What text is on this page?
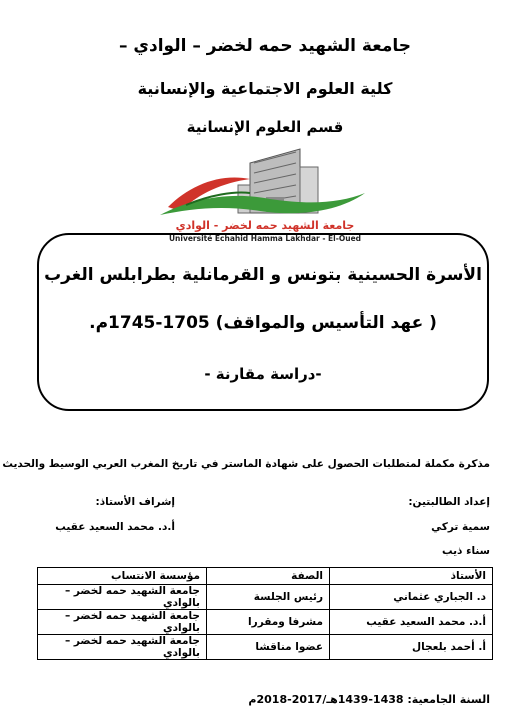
جامعة الشهيد حمه لخضر – الوادي –
كلية العلوم الاجتماعية والإنسانية
قسم العلوم الإنسانية
جامعة الشهيد حمه لخضر - الوادي
Université Echahid Hamma Lakhdar - El-Oued
الأسرة الحسينية بتونس و القرمانلية بطرابلس الغرب
( عهد التأسيس والمواقف) 1705-1745م.
-دراسة مقارنة -
مذكرة مكملة لمتطلبات الحصول على شهادة الماستر في تاريخ المغرب العربي الوسيط والحديث
إعداد الطالبتين:
إشراف الأستاذ:
سمية تركي
أ.د. محمد السعيد عقيب
سناء ذيب
الأستاذ	الصفة	مؤسسة الانتساب
د. الجباري عثماني	رئيس الجلسة	جامعة الشهيد حمه لخضر – بالوادي
أ.د. محمد السعيد عقيب	مشرفا ومقررا	جامعة الشهيد حمه لخضر – بالوادي
أ. أحمد بلعجال	عضوا مناقشا	جامعة الشهيد حمه لخضر – بالوادي
السنة الجامعية: 1438-1439هـ/2017-2018م
